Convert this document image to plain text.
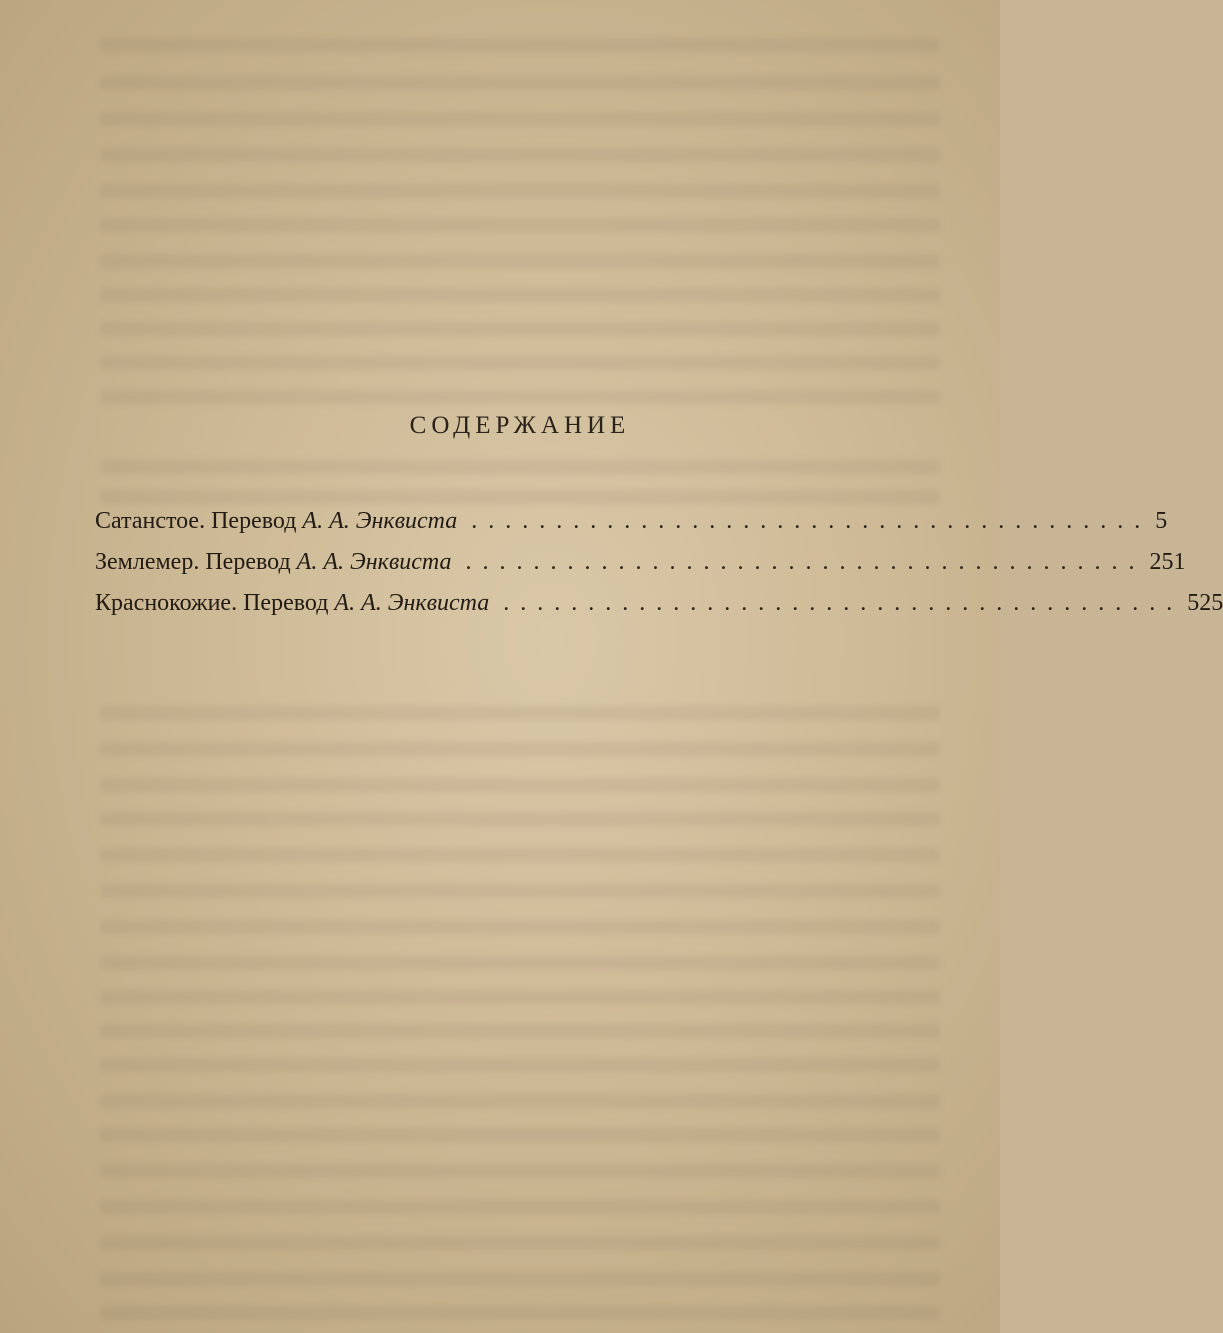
СОДЕРЖАНИЕ
Сатанстое. Перевод А. А. Энквиста ........................................ 5
Землемер. Перевод А. А. Энквиста ........................................ 251
Краснокожие. Перевод А. А. Энквиста ........................................ 525
